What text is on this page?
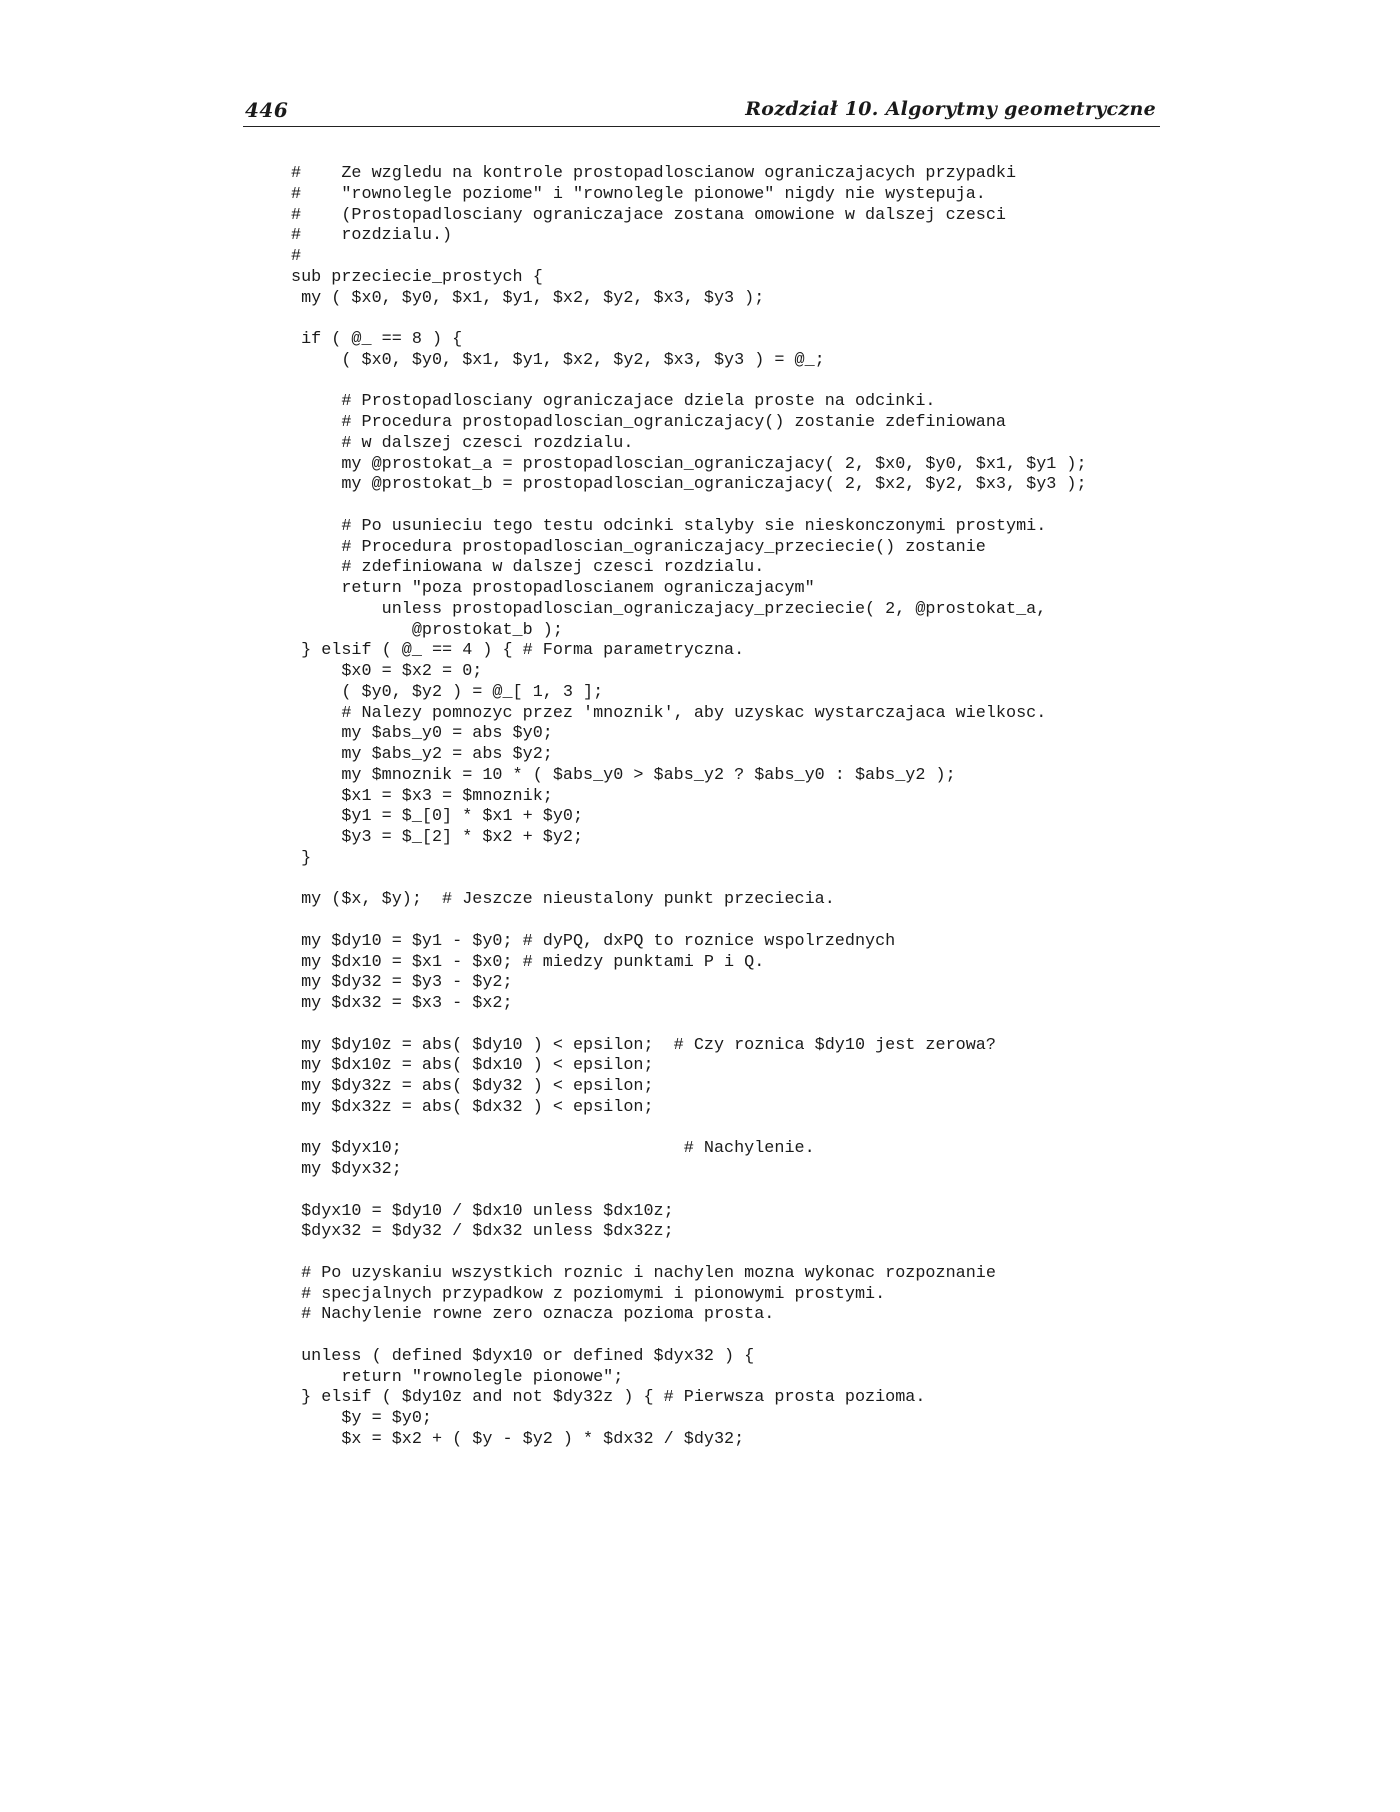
446	Rozdział 10. Algorytmy geometryczne
#    Ze wzgledu na kontrole prostopadloscianow ograniczajacych przypadki
#    "rownolegle poziome" i "rownolegle pionowe" nigdy nie wystepuja.
#    (Prostopadlosciany ograniczajace zostana omowione w dalszej czesci
#    rozdzialu.)
#
sub przeciecie_prostych {
my ( $x0, $y0, $x1, $y1, $x2, $y2, $x3, $y3 );
if ( @_ == 8 ) {
( $x0, $y0, $x1, $y1, $x2, $y2, $x3, $y3 ) = @_;
# Prostopadlosciany ograniczajace dziela proste na odcinki.
# Procedura prostopadloscian_ograniczajacy() zostanie zdefiniowana
# w dalszej czesci rozdzialu.
my @prostokat_a = prostopadloscian_ograniczajacy( 2, $x0, $y0, $x1, $y1 );
my @prostokat_b = prostopadloscian_ograniczajacy( 2, $x2, $y2, $x3, $y3 );
# Po usunieciu tego testu odcinki stalyby sie nieskonczonymi prostymi.
# Procedura prostopadloscian_ograniczajacy_przeciecie() zostanie
# zdefiniowana w dalszej czesci rozdzialu.
return "poza prostopadloscianem ograniczajacym"
unless prostopadloscian_ograniczajacy_przeciecie( 2, @prostokat_a,
@prostokat_b );
} elsif ( @_ == 4 ) { # Forma parametryczna.
$x0 = $x2 = 0;
( $y0, $y2 ) = @_[ 1, 3 ];
# Nalezy pomnozyc przez 'mnoznik', aby uzyskac wystarczajaca wielkosc.
my $abs_y0 = abs $y0;
my $abs_y2 = abs $y2;
my $mnoznik = 10 * ( $abs_y0 > $abs_y2 ? $abs_y0 : $abs_y2 );
$x1 = $x3 = $mnoznik;
$y1 = $_[0] * $x1 + $y0;
$y3 = $_[2] * $x2 + $y2;
}
my ($x, $y);  # Jeszcze nieustalony punkt przeciecia.
my $dy10 = $y1 - $y0; # dyPQ, dxPQ to roznice wspolrzednych
my $dx10 = $x1 - $x0; # miedzy punktami P i Q.
my $dy32 = $y3 - $y2;
my $dx32 = $x3 - $x2;
my $dy10z = abs( $dy10 ) < epsilon;  # Czy roznica $dy10 jest zerowa?
my $dx10z = abs( $dx10 ) < epsilon;
my $dy32z = abs( $dy32 ) < epsilon;
my $dx32z = abs( $dx32 ) < epsilon;
my $dyx10;                            # Nachylenie.
my $dyx32;
$dyx10 = $dy10 / $dx10 unless $dx10z;
$dyx32 = $dy32 / $dx32 unless $dx32z;
# Po uzyskaniu wszystkich roznic i nachylen mozna wykonac rozpoznanie
# specjalnych przypadkow z poziomymi i pionowymi prostymi.
# Nachylenie rowne zero oznacza pozioma prosta.
unless ( defined $dyx10 or defined $dyx32 ) {
return "rownolegle pionowe";
} elsif ( $dy10z and not $dy32z ) { # Pierwsza prosta pozioma.
$y = $y0;
$x = $x2 + ( $y - $y2 ) * $dx32 / $dy32;
